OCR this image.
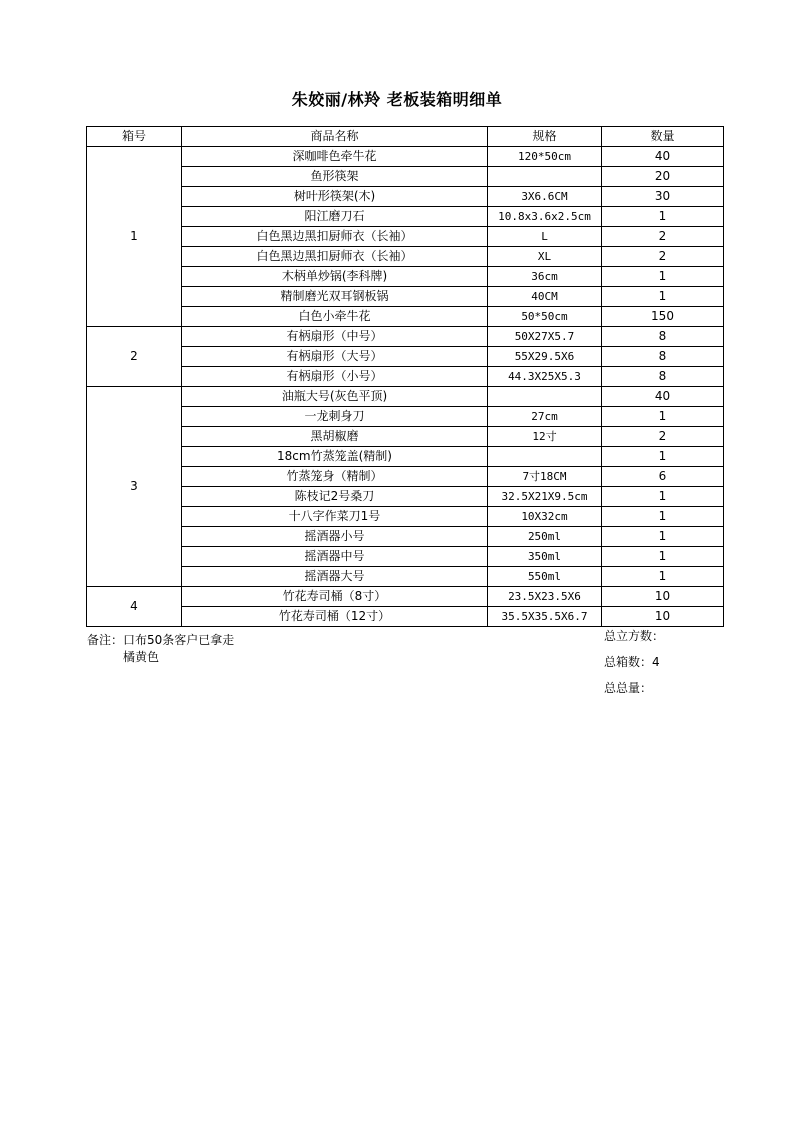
朱姣丽/林羚 老板装箱明细单
箱号	商品名称	规格	数量
1	深咖啡色牵牛花	120*50cm	40
	鱼形筷架		20
	树叶形筷架(木)	3X6.6CM	30
	阳江磨刀石	10.8x3.6x2.5cm	1
	白色黑边黑扣厨师衣（长袖）	L	2
	白色黑边黑扣厨师衣（长袖）	XL	2
	木柄单炒锅(李科牌)	36cm	1
	精制磨光双耳钢板锅	40CM	1
	白色小牵牛花	50*50cm	150
2	有柄扇形（中号）	50X27X5.7	8
	有柄扇形（大号）	55X29.5X6	8
	有柄扇形（小号）	44.3X25X5.3	8
3	油瓶大号(灰色平顶)		40
	一龙刺身刀	27cm	1
	黑胡椒磨	12寸	2
	18cm竹蒸笼盖(精制)		1
	竹蒸笼身（精制）	7寸18CM	6
	陈枝记2号桑刀	32.5X21X9.5cm	1
	十八字作菜刀1号	10X32cm	1
	摇酒器小号	250ml	1
	摇酒器中号	350ml	1
	摇酒器大号	550ml	1
4	竹花寿司桶（8寸）	23.5X23.5X6	10
	竹花寿司桶（12寸）	35.5X35.5X6.7	10
备注：口布50条客户已拿走
橘黄色
总立方数：
总箱数：4
总总量：
